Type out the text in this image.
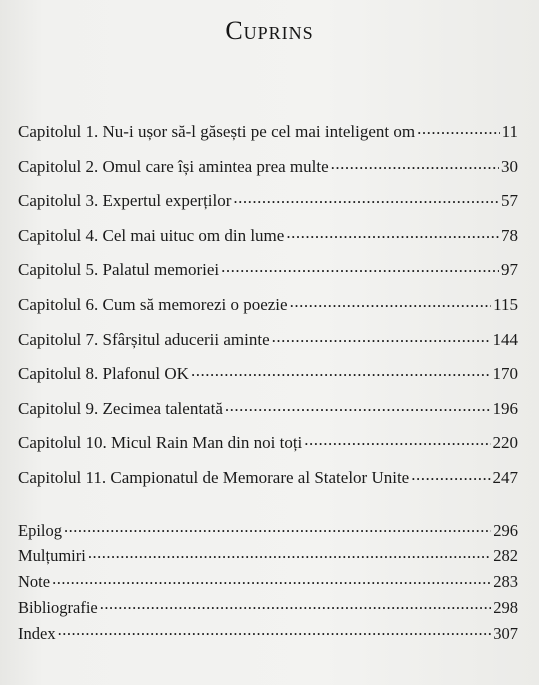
Cuprins
Capitolul 1. Nu-i ușor să-l găsești pe cel mai inteligent om .....	11
Capitolul 2. Omul care își amintea prea multe .....	30
Capitolul 3. Expertul experților .....	57
Capitolul 4. Cel mai uituc om din lume .....	78
Capitolul 5. Palatul memoriei .....	97
Capitolul 6. Cum să memorezi o poezie .....	115
Capitolul 7. Sfârșitul aducerii aminte .....	144
Capitolul 8. Plafonul OK .....	170
Capitolul 9. Zecimea talentată .....	196
Capitolul 10. Micul Rain Man din noi toți .....	220
Capitolul 11. Campionatul de Memorare al Statelor Unite .....	247
Epilog .....	296
Mulțumiri .....	282
Note .....	283
Bibliografie .....	298
Index .....	307
